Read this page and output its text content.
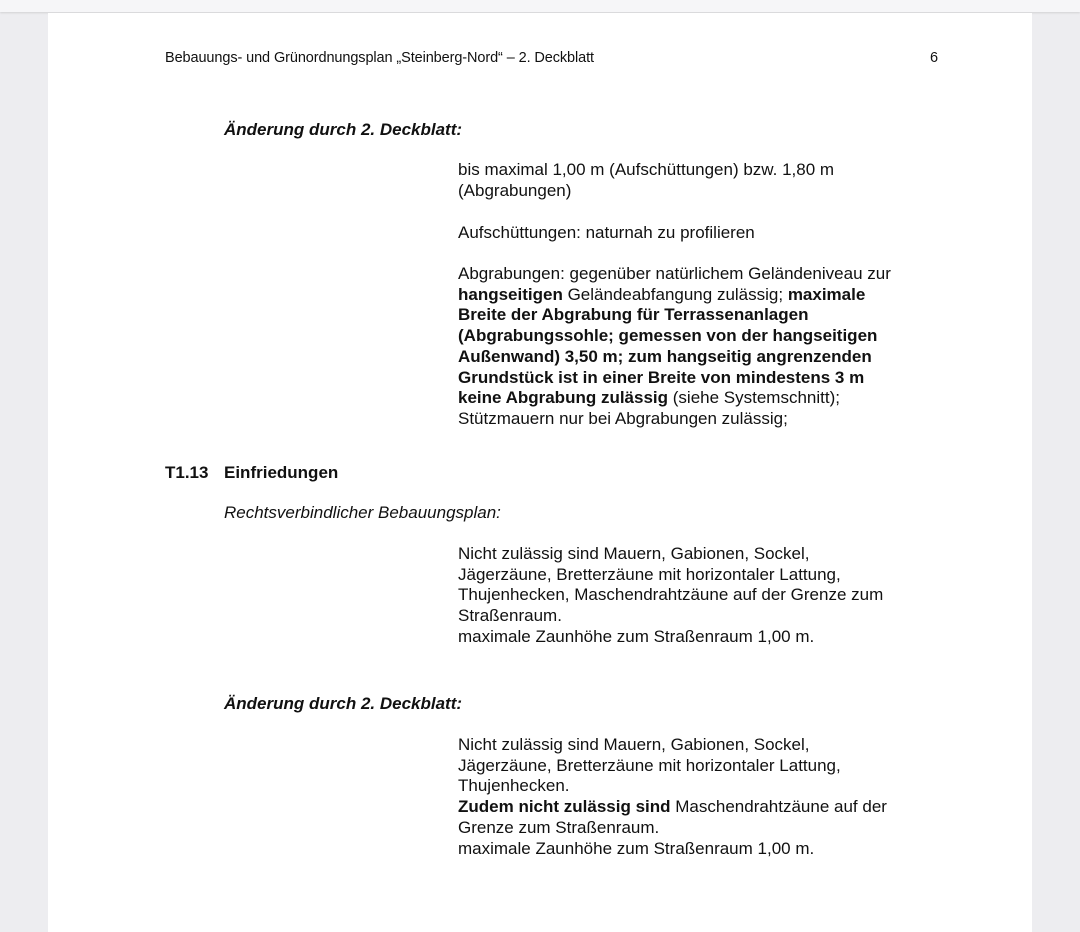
Bebauungs- und Grünordnungsplan „Steinberg-Nord“ – 2. Deckblatt	6
Änderung durch 2. Deckblatt:
bis maximal 1,00 m (Aufschüttungen) bzw. 1,80 m
(Abgrabungen)
Aufschüttungen: naturnah zu profilieren
Abgrabungen: gegenüber natürlichem Geländeniveau zur
hangseitigen Geländeabfangung zulässig; maximale
Breite der Abgrabung für Terrassenanlagen
(Abgrabungssohle; gemessen von der hangseitigen
Außenwand) 3,50 m; zum hangseitig angrenzenden
Grundstück ist in einer Breite von mindestens 3 m
keine Abgrabung zulässig (siehe Systemschnitt);
Stützmauern nur bei Abgrabungen zulässig;
T1.13 Einfriedungen
Rechtsverbindlicher Bebauungsplan:
Nicht zulässig sind Mauern, Gabionen, Sockel,
Jägerzäune, Bretterzäune mit horizontaler Lattung,
Thujenhecken, Maschendrahtzäune auf der Grenze zum
Straßenraum.
maximale Zaunhöhe zum Straßenraum 1,00 m.
Änderung durch 2. Deckblatt:
Nicht zulässig sind Mauern, Gabionen, Sockel,
Jägerzäune, Bretterzäune mit horizontaler Lattung,
Thujenhecken.
Zudem nicht zulässig sind Maschendrahtzäune auf der
Grenze zum Straßenraum.
maximale Zaunhöhe zum Straßenraum 1,00 m.
